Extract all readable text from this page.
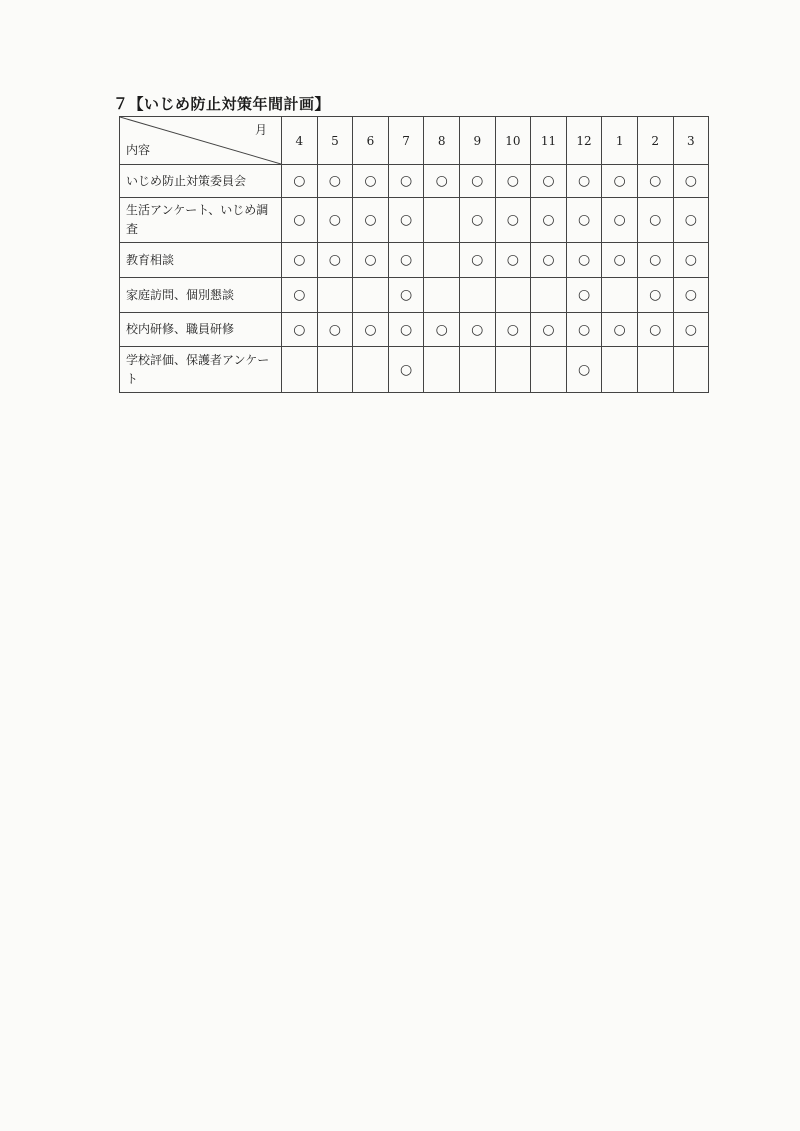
７【いじめ防止対策年間計画】
月
内容	4	5	6	7	8	9	10	11	12	1	2	3
いじめ防止対策委員会	○	○	○	○	○	○	○	○	○	○	○	○
生活アンケート、いじめ調査	○	○	○	○		○	○	○	○	○	○	○
教育相談	○	○	○	○		○	○	○	○	○	○	○
家庭訪問、個別懇談	○			○					○		○	○
校内研修、職員研修	○	○	○	○	○	○	○	○	○	○	○	○
学校評価、保護者アンケート				○					○			
